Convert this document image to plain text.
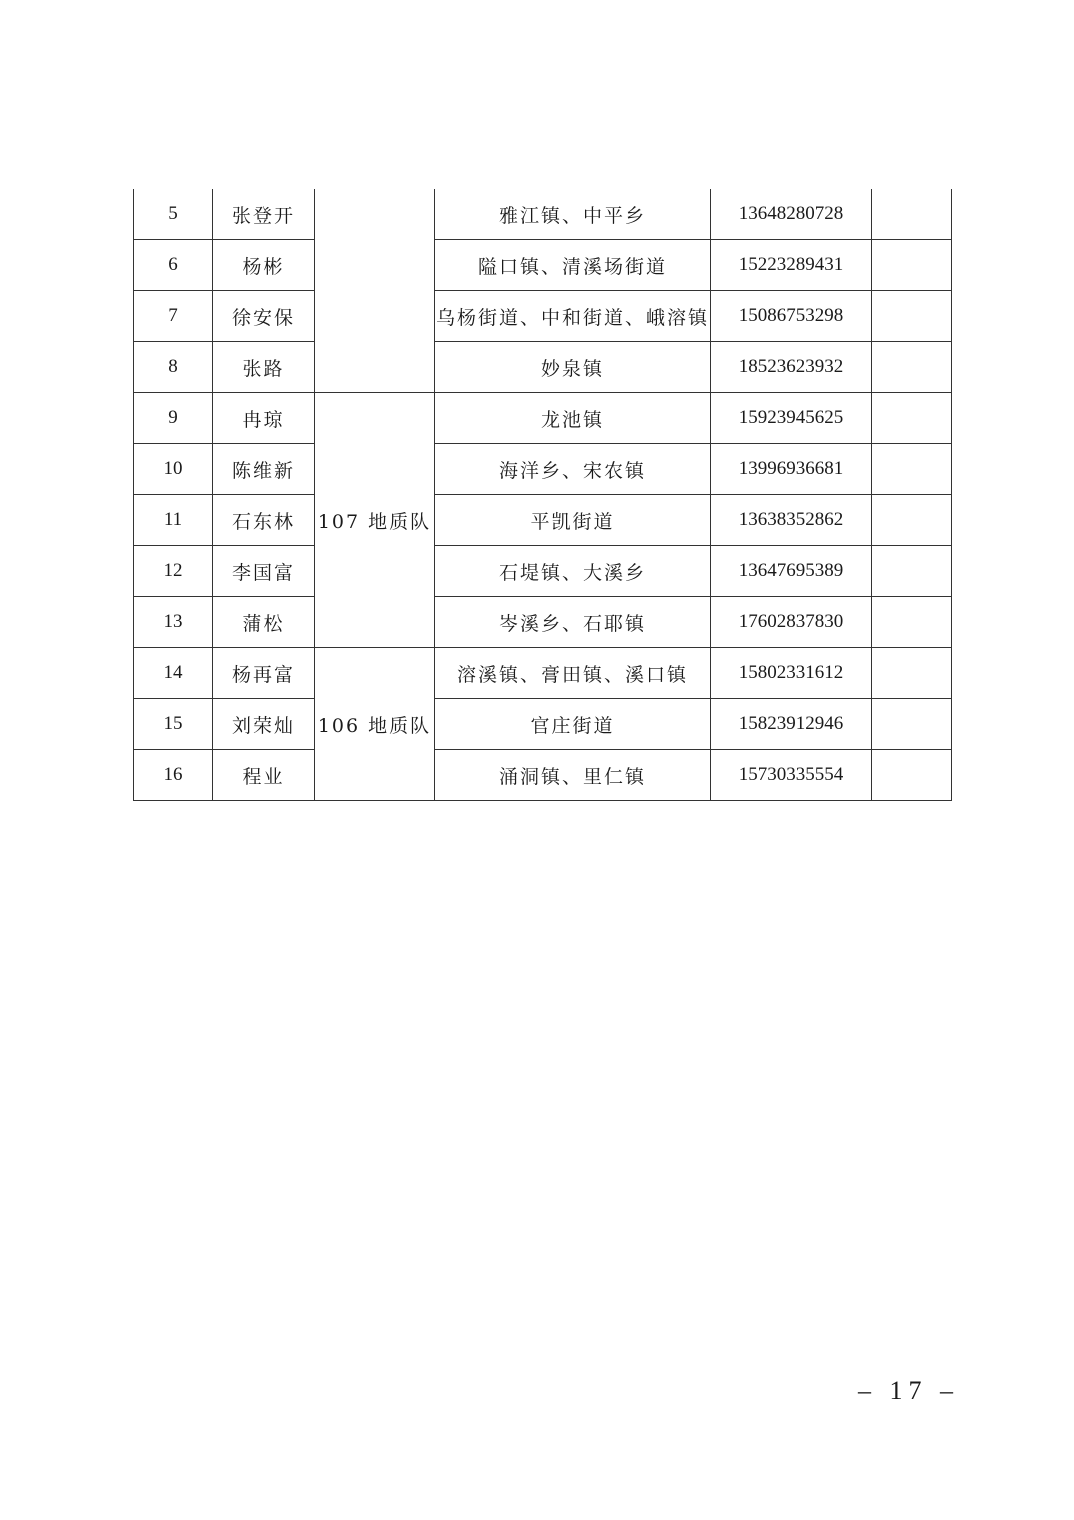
5	张登开		雅江镇、中平乡	13648280728	
6	杨彬		隘口镇、清溪场街道	15223289431	
7	徐安保		乌杨街道、中和街道、峨溶镇	15086753298	
8	张路		妙泉镇	18523623932	
9	冉琼	107 地质队	龙池镇	15923945625	
10	陈维新		海洋乡、宋农镇	13996936681	
11	石东林		平凯街道	13638352862	
12	李国富		石堤镇、大溪乡	13647695389	
13	蒲松		岑溪乡、石耶镇	17602837830	
14	杨再富	106 地质队	溶溪镇、膏田镇、溪口镇	15802331612	
15	刘荣灿		官庄街道	15823912946	
16	程业		涌洞镇、里仁镇	15730335554	
– 17 –
